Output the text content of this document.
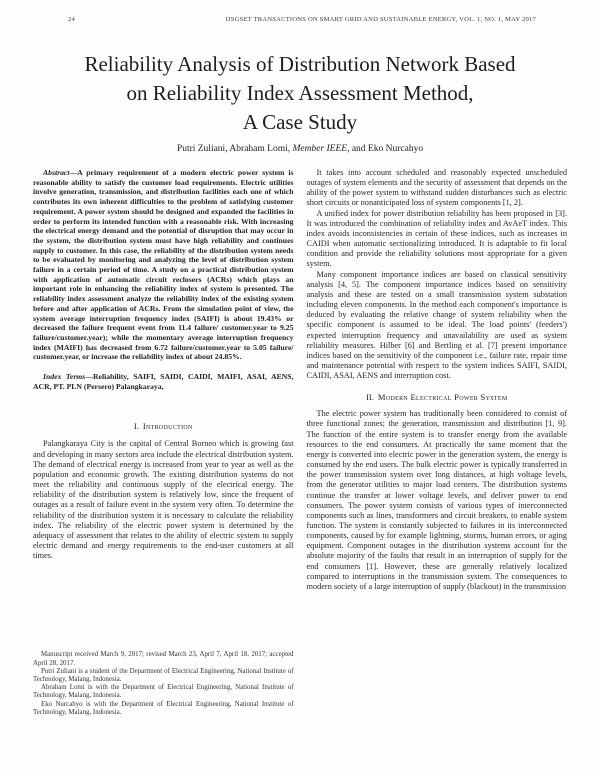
24	IJSGSET TRANSACTIONS ON SMART GRID AND SUSTAINABLE ENERGY, VOL. 1, NO. 1, MAY 2017
Reliability Analysis of Distribution Network Based
on Reliability Index Assessment Method,
A Case Study
Putri Zuliani, Abraham Lomi, Member IEEE, and Eko Nurcahyo

Abstract—A primary requirement of a modern electric power system is reasonable ability to satisfy the customer load requirements. Electric utilities involve generation, transmission, and distribution facilities each one of which contributes its own inherent difficulties to the problem of satisfying customer requirement. A power system should be designed and expanded the facilities in order to perform its intended function with a reasonable risk. With increasing the electrical energy demand and the potential of disruption that may occur in the system, the distribution system must have high reliability and continues supply to customer. In this case, the reliability of the distribution system needs to be evaluated by monitoring and analyzing the level of distribution system failure in a certain period of time. A study on a practical distribution system with application of automatic circuit reclosers (ACRs) which plays an important role in enhancing the reliability index of system is presented. The reliability index assessment analyze the reliability index of the existing system before and after application of ACRs. From the simulation point of view, the system average interruption frequency index (SAIFI) is about 19.43% or decreased the failure frequent event from 11.4 failure/ customer.year to 9.25 failure/customer.year); while the momentary average interruption frequency index (MAIFI) has decreased from 6.72 failure/customer.year to 5.05 failure/ customer.year, or increase the reliability index of about 24.85%.

Index Terms—Reliability, SAIFI, SAIDI, CAIDI, MAIFI, ASAI, AENS, ACR, PT. PLN (Persero) Palangkaraya,

I. Introduction

Palangkaraya City is the capital of Central Borneo which is growing fast and developing in many sectors area include the electrical distribution system. The demand of electrical energy is increased from year to year as well as the population and economic growth. The existing distribution systems do not meet the reliability and continuous supply of the electrical energy. The reliability of the distribution system is relatively low, since the frequent of outages as a result of failure event in the system very often. To determine the reliability of the distribution system it is necessary to calculate the reliability index. The reliability of the electric power system is determined by the adequacy of assessment that relates to the ability of electric system to supply electric demand and energy requirements to the end-user customers at all times.

Manuscript received March 9, 2017; revised March 23, April 7, April 18, 2017; accepted April 28, 2017.

Putri Zuliani is a student of the Department of Electrical Engineering, National Institute of Technology, Malang, Indonesia.

Abraham Lomi is with the Department of Electrical Engineering, National Institute of Technology, Malang, Indonesia.

Eko Nurcahyo is with the Department of Electrical Engineering, National Institute of Technology, Malang, Indonesia.

It takes into account scheduled and reasonably expected unscheduled outages of system elements and the security of assessment that depends on the ability of the power system to withstand sudden disturbances such as electric short circuits or nonanticipated loss of system components [1, 2].

A unified index for power distribution reliability has been proposed in [3]. It was introduced the combination of reliability index and AvAeT index. This index avoids inconsistencies in certain of these indices, such as increases in CAIDI when automatic sectionalizing introduced. It is adaptable to fit local condition and provide the reliability solutions most appropriate for a given system.

Many component importance indices are based on classical sensitivity analysis [4, 5]. The component importance indices based on sensitivity analysis and these are tested on a small transmission system substation including eleven components. In the method each component's importance is deduced by evaluating the relative change of system reliability when the specific component is assumed to be ideal. The load points' (feeders') expected interruption frequency and unavailability are used as system reliability measures. Hilber [6] and Bertling et al. [7] present importance indices based on the sensitivity of the component i.e., failure rate, repair time and maintenance potential with respect to the system indices SAIFI, SAIDI, CAIDI, ASAI, AENS and interruption cost.

II. Modern Electrical Power System

The electric power system has traditionally been considered to consist of three functional zones; the generation, transmission and distribution [1, 9]. The function of the entire system is to transfer energy from the available resources to the end consumers. At practically the same moment that the energy is converted into electric power in the generation system, the energy is consumed by the end users. The bulk electric power is typically transferred in the power transmission system over long distances, at high voltage levels, from the generator utilities to major load centers. The distribution systems continue the transfer at lower voltage levels, and deliver power to end consumers. The power system consists of various types of interconnected components such as lines, transformers and circuit breakers, to enable system function. The system is constantly subjected to failures in its interconnected components, caused by for example lightning, storms, human errors, or aging equipment. Component outages in the distribution systems account for the absolute majority of the faults that result in an interruption of supply for the end consumers [1]. However, these are generally relatively localized compared to interruptions in the transmission system. The consequences to modern society of a large interruption of supply (blackout) in the transmission
